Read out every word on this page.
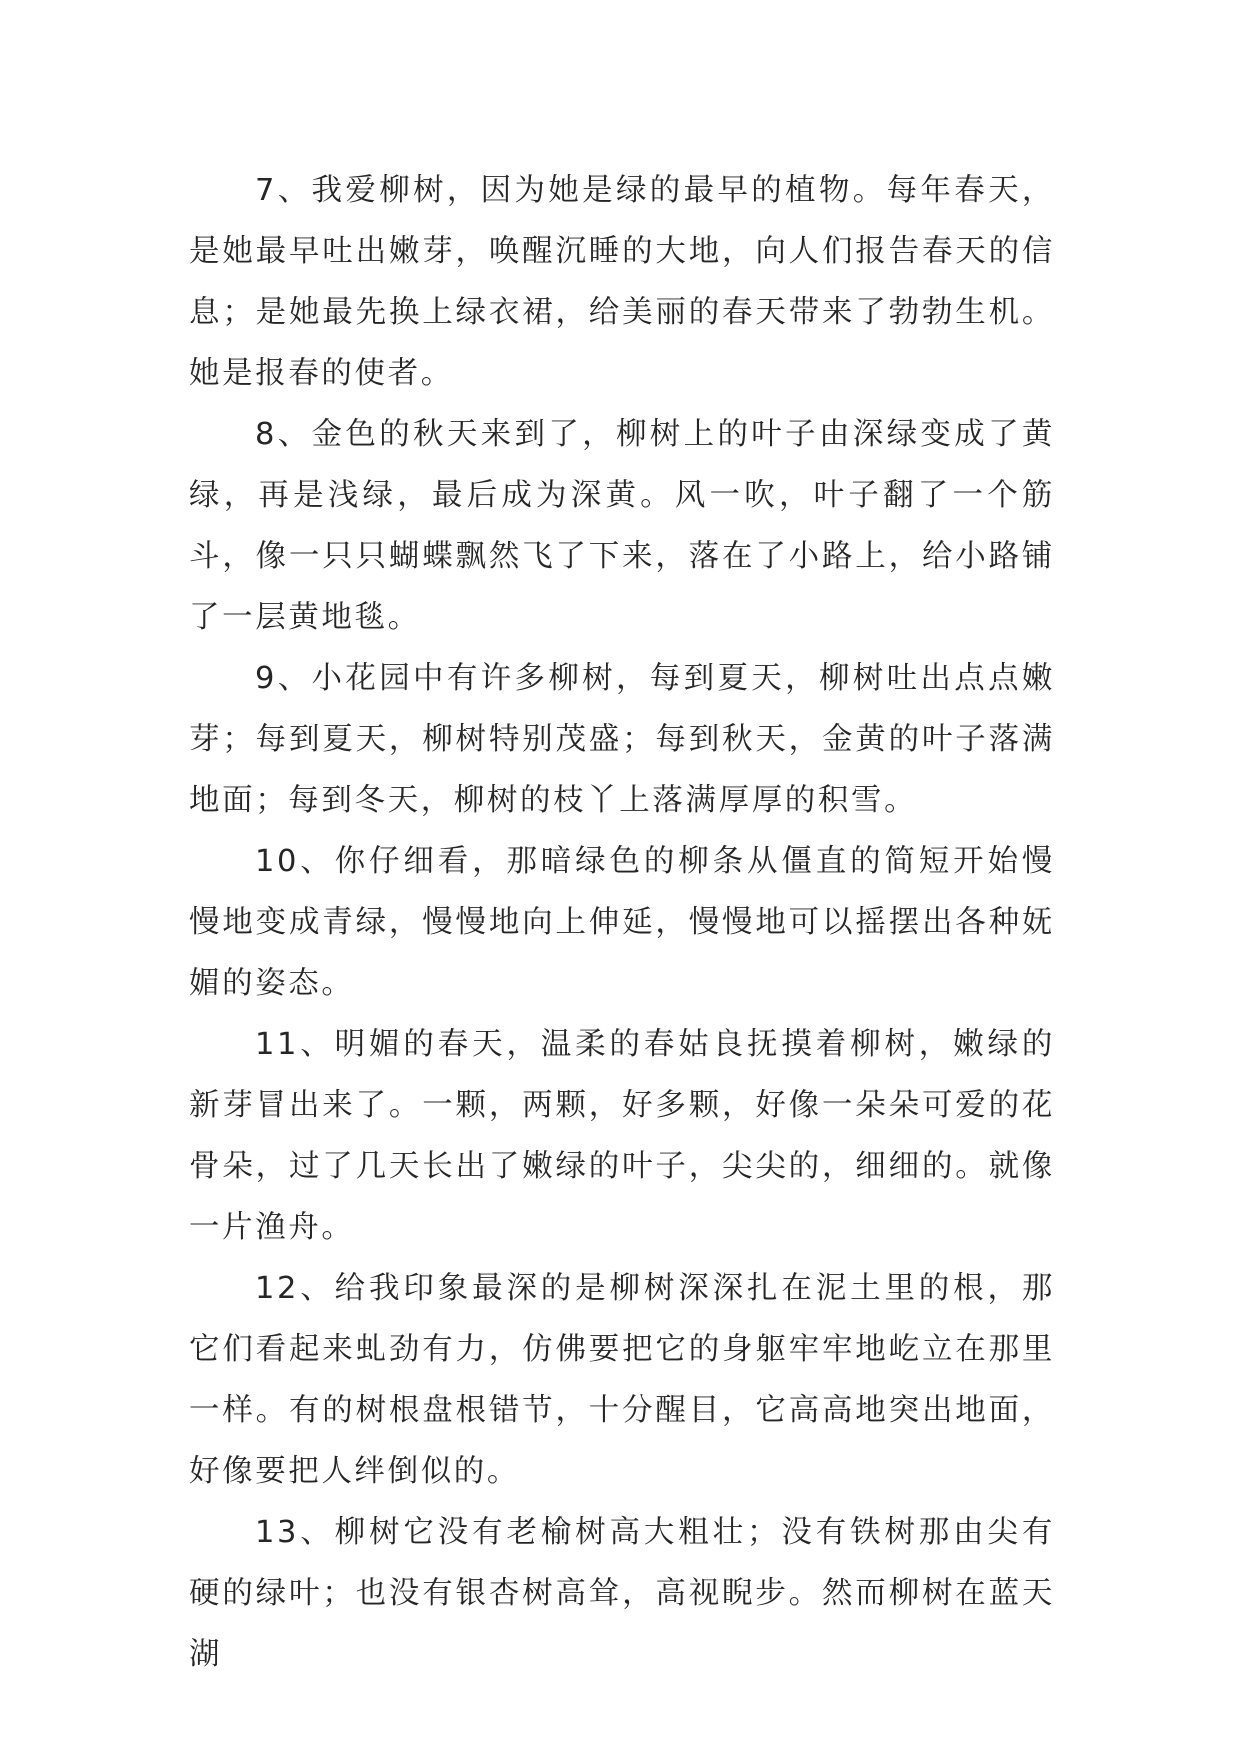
7、我爱柳树，因为她是绿的最早的植物。每年春天，是她最早吐出嫩芽，唤醒沉睡的大地，向人们报告春天的信息；是她最先换上绿衣裙，给美丽的春天带来了勃勃生机。她是报春的使者。

8、金色的秋天来到了，柳树上的叶子由深绿变成了黄绿，再是浅绿，最后成为深黄。风一吹，叶子翻了一个筋斗，像一只只蝴蝶飘然飞了下来，落在了小路上，给小路铺了一层黄地毯。

9、小花园中有许多柳树，每到夏天，柳树吐出点点嫩芽；每到夏天，柳树特别茂盛；每到秋天，金黄的叶子落满地面；每到冬天，柳树的枝丫上落满厚厚的积雪。

10、你仔细看，那暗绿色的柳条从僵直的简短开始慢慢地变成青绿，慢慢地向上伸延，慢慢地可以摇摆出各种妩媚的姿态。

11、明媚的春天，温柔的春姑良抚摸着柳树，嫩绿的新芽冒出来了。一颗，两颗，好多颗，好像一朵朵可爱的花骨朵，过了几天长出了嫩绿的叶子，尖尖的，细细的。就像一片渔舟。

12、给我印象最深的是柳树深深扎在泥土里的根，那它们看起来虬劲有力，仿佛要把它的身躯牢牢地屹立在那里一样。有的树根盘根错节，十分醒目，它高高地突出地面，好像要把人绊倒似的。

13、柳树它没有老榆树高大粗壮；没有铁树那由尖有硬的绿叶；也没有银杏树高耸，高视睨步。然而柳树在蓝天湖
